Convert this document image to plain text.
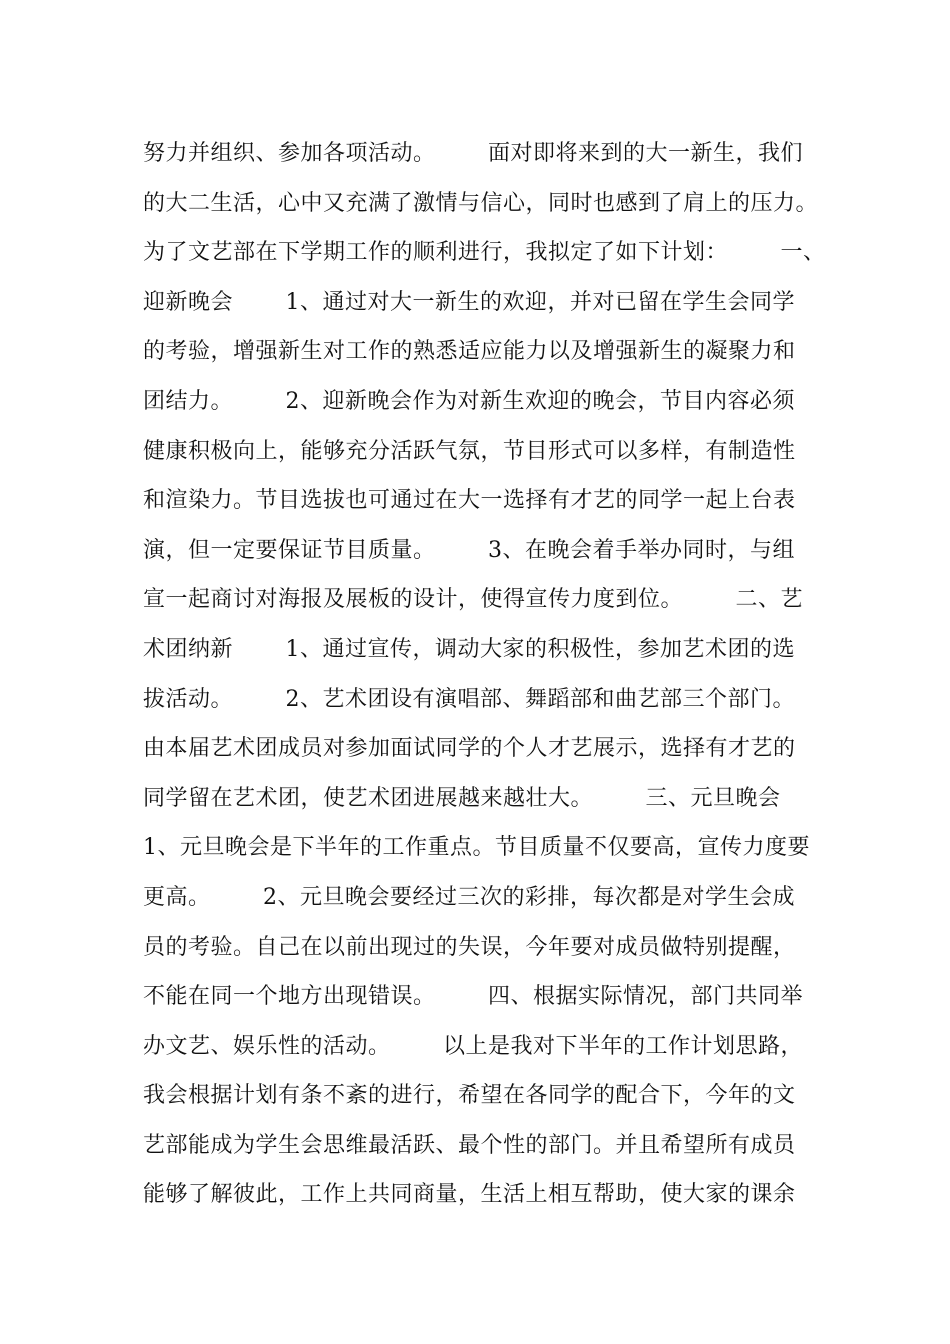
努力并组织、参加各项活动。       面对即将来到的大一新生，我们
的大二生活，心中又充满了激情与信心，同时也感到了肩上的压力。
为了文艺部在下学期工作的顺利进行，我拟定了如下计划：       一、
迎新晚会       1、通过对大一新生的欢迎，并对已留在学生会同学
的考验，增强新生对工作的熟悉适应能力以及增强新生的凝聚力和
团结力。       2、迎新晚会作为对新生欢迎的晚会，节目内容必须
健康积极向上，能够充分活跃气氛，节目形式可以多样，有制造性
和渲染力。节目选拔也可通过在大一选择有才艺的同学一起上台表
演，但一定要保证节目质量。       3、在晚会着手举办同时，与组
宣一起商讨对海报及展板的设计，使得宣传力度到位。       二、艺
术团纳新       1、通过宣传，调动大家的积极性，参加艺术团的选
拔活动。       2、艺术团设有演唱部、舞蹈部和曲艺部三个部门。
由本届艺术团成员对参加面试同学的个人才艺展示，选择有才艺的
同学留在艺术团，使艺术团进展越来越壮大。       三、元旦晚会
1、元旦晚会是下半年的工作重点。节目质量不仅要高，宣传力度要
更高。       2、元旦晚会要经过三次的彩排，每次都是对学生会成
员的考验。自己在以前出现过的失误，今年要对成员做特别提醒，
不能在同一个地方出现错误。       四、根据实际情况，部门共同举
办文艺、娱乐性的活动。       以上是我对下半年的工作计划思路，
我会根据计划有条不紊的进行，希望在各同学的配合下，今年的文
艺部能成为学生会思维最活跃、最个性的部门。并且希望所有成员
能够了解彼此，工作上共同商量，生活上相互帮助，使大家的课余
